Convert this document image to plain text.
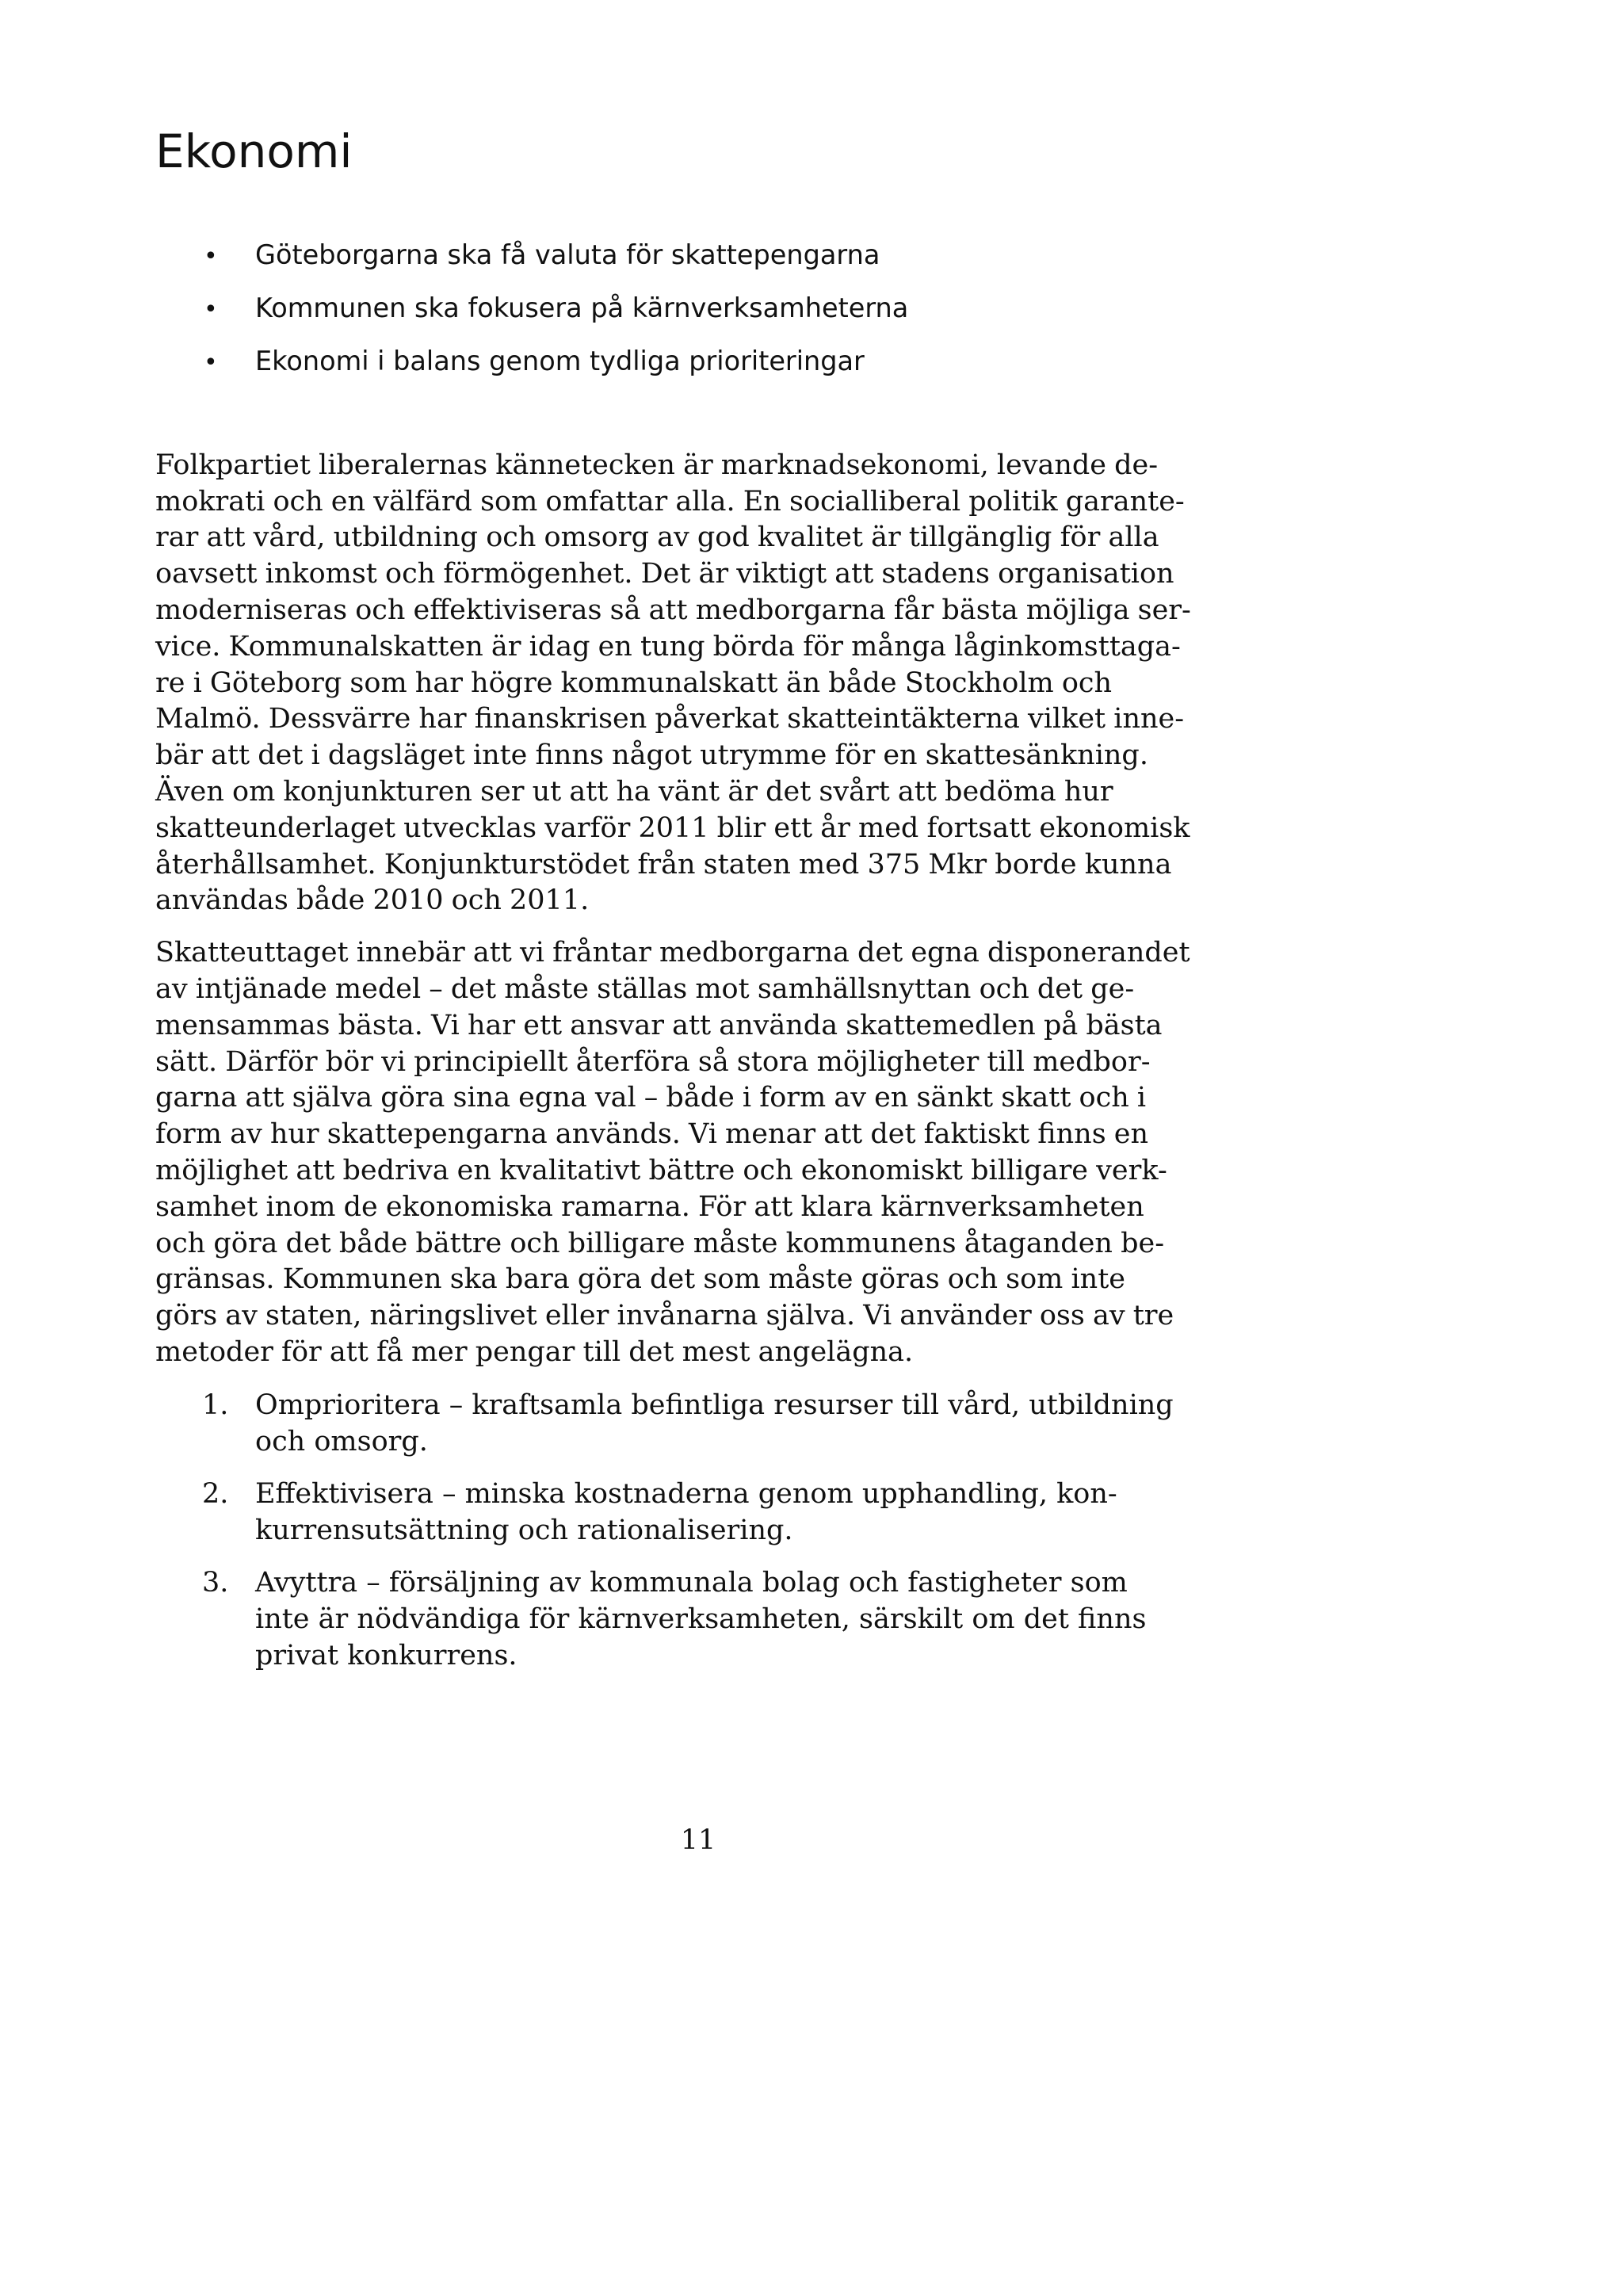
Ekonomi
•	Göteborgarna ska få valuta för skattepengarna
•	Kommunen ska fokusera på kärnverksamheterna
•	Ekonomi i balans genom tydliga prioriteringar

Folkpartiet liberalernas kännetecken är marknadsekonomi, levande de-
mokrati och en välfärd som omfattar alla. En socialliberal politik garante-
rar att vård, utbildning och omsorg av god kvalitet är tillgänglig för alla
oavsett inkomst och förmögenhet. Det är viktigt att stadens organisation
moderniseras och effektiviseras så att medborgarna får bästa möjliga ser-
vice. Kommunalskatten är idag en tung börda för många låginkomsttaga-
re i Göteborg som har högre kommunalskatt än både Stockholm och
Malmö. Dessvärre har finanskrisen påverkat skatteintäkterna vilket inne-
bär att det i dagsläget inte finns något utrymme för en skattesänkning.
Även om konjunkturen ser ut att ha vänt är det svårt att bedöma hur
skatteunderlaget utvecklas varför 2011 blir ett år med fortsatt ekonomisk
återhållsamhet. Konjunkturstödet från staten med 375 Mkr borde kunna
användas både 2010 och 2011.

Skatteuttaget innebär att vi fråntar medborgarna det egna disponerandet
av intjänade medel – det måste ställas mot samhällsnyttan och det ge-
mensammas bästa. Vi har ett ansvar att använda skattemedlen på bästa
sätt. Därför bör vi principiellt återföra så stora möjligheter till medbor-
garna att själva göra sina egna val – både i form av en sänkt skatt och i
form av hur skattepengarna används. Vi menar att det faktiskt finns en
möjlighet att bedriva en kvalitativt bättre och ekonomiskt billigare verk-
samhet inom de ekonomiska ramarna. För att klara kärnverksamheten
och göra det både bättre och billigare måste kommunens åtaganden be-
gränsas. Kommunen ska bara göra det som måste göras och som inte
görs av staten, näringslivet eller invånarna själva. Vi använder oss av tre
metoder för att få mer pengar till det mest angelägna.

1. Omprioritera – kraftsamla befintliga resurser till vård, utbildning
och omsorg.
2. Effektivisera – minska kostnaderna genom upphandling, kon-
kurrensutsättning och rationalisering.
3. Avyttra – försäljning av kommunala bolag och fastigheter som
inte är nödvändiga för kärnverksamheten, särskilt om det finns
privat konkurrens.
11
